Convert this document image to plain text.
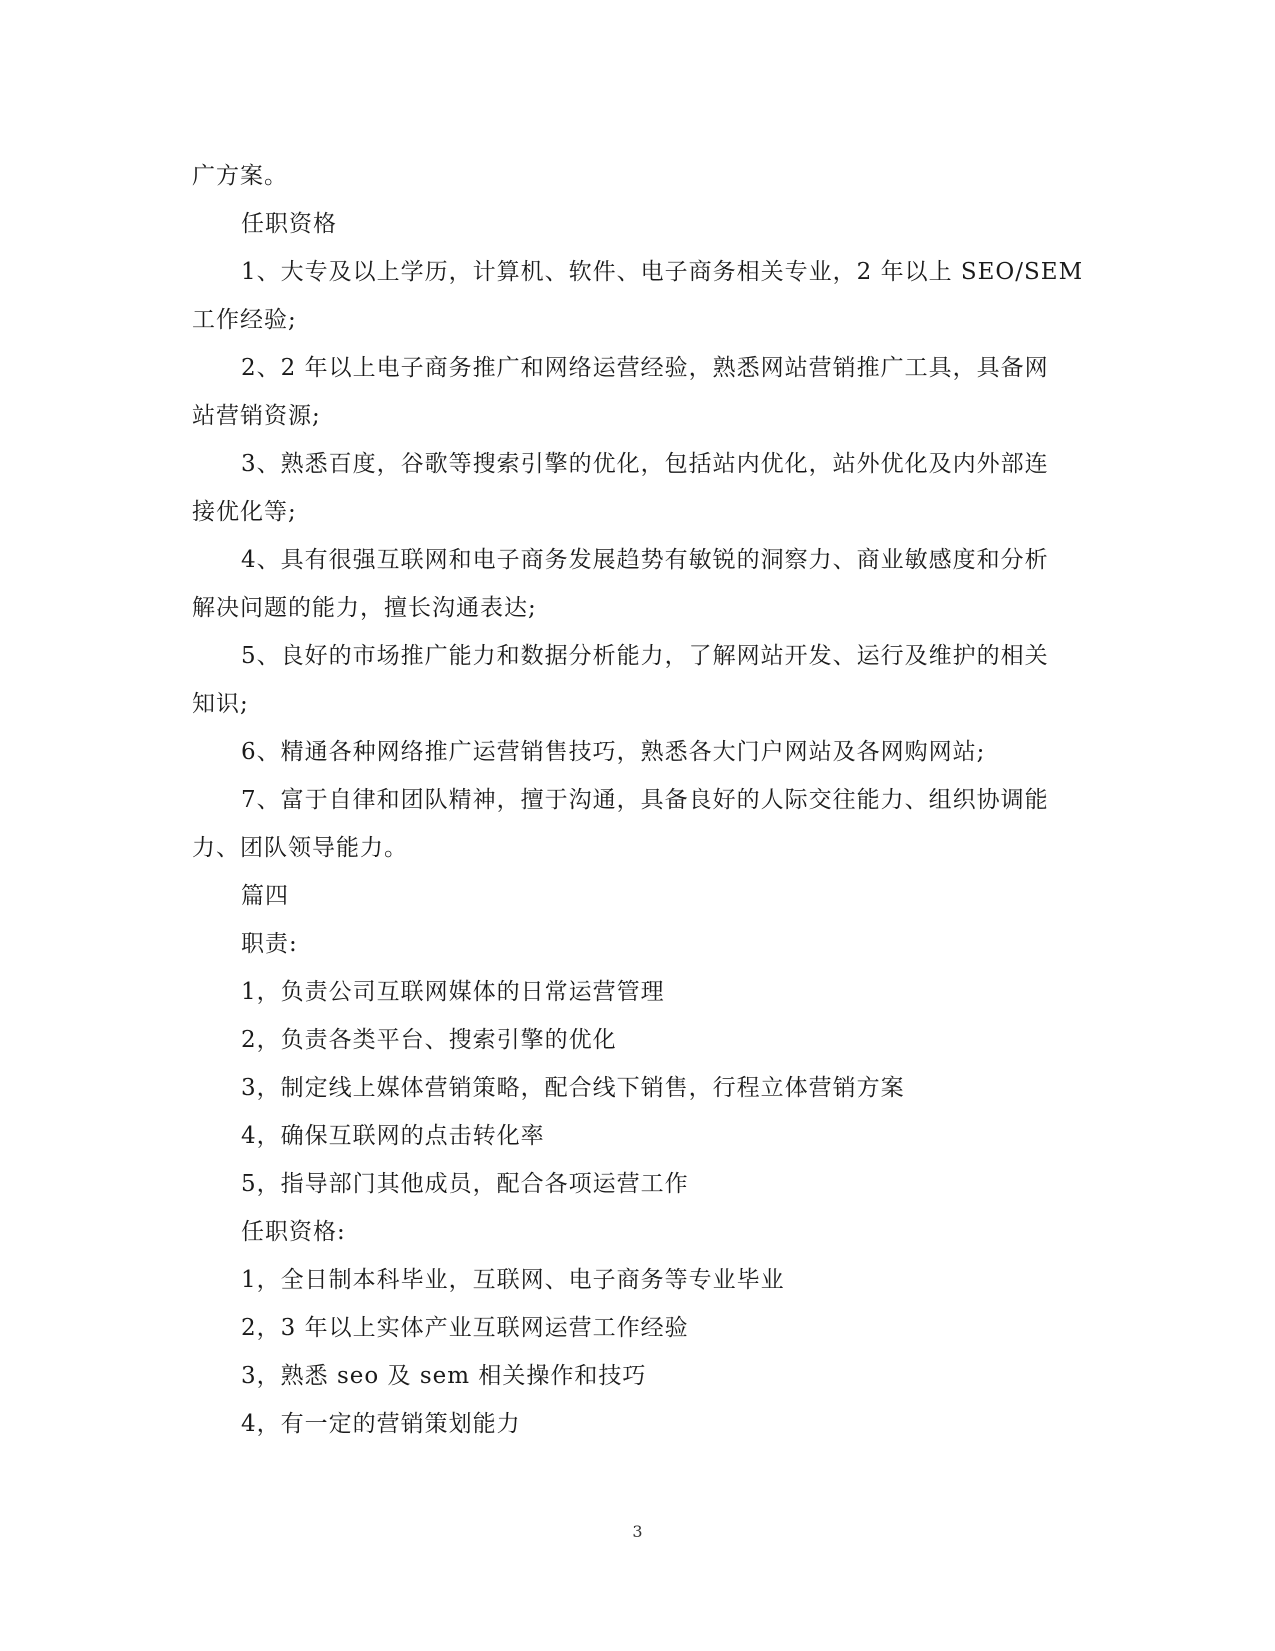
广方案。
任职资格
1、大专及以上学历，计算机、软件、电子商务相关专业，2 年以上 SEO/SEM
工作经验;
2、2 年以上电子商务推广和网络运营经验，熟悉网站营销推广工具，具备网
站营销资源;
3、熟悉百度，谷歌等搜索引擎的优化，包括站内优化，站外优化及内外部连
接优化等;
4、具有很强互联网和电子商务发展趋势有敏锐的洞察力、商业敏感度和分析
解决问题的能力，擅长沟通表达;
5、良好的市场推广能力和数据分析能力，了解网站开发、运行及维护的相关
知识;
6、精通各种网络推广运营销售技巧，熟悉各大门户网站及各网购网站;
7、富于自律和团队精神，擅于沟通，具备良好的人际交往能力、组织协调能
力、团队领导能力。
篇四
职责:
1，负责公司互联网媒体的日常运营管理
2，负责各类平台、搜索引擎的优化
3，制定线上媒体营销策略，配合线下销售，行程立体营销方案
4，确保互联网的点击转化率
5，指导部门其他成员，配合各项运营工作
任职资格:
1，全日制本科毕业，互联网、电子商务等专业毕业
2，3 年以上实体产业互联网运营工作经验
3，熟悉 seo 及 sem 相关操作和技巧
4，有一定的营销策划能力
3
